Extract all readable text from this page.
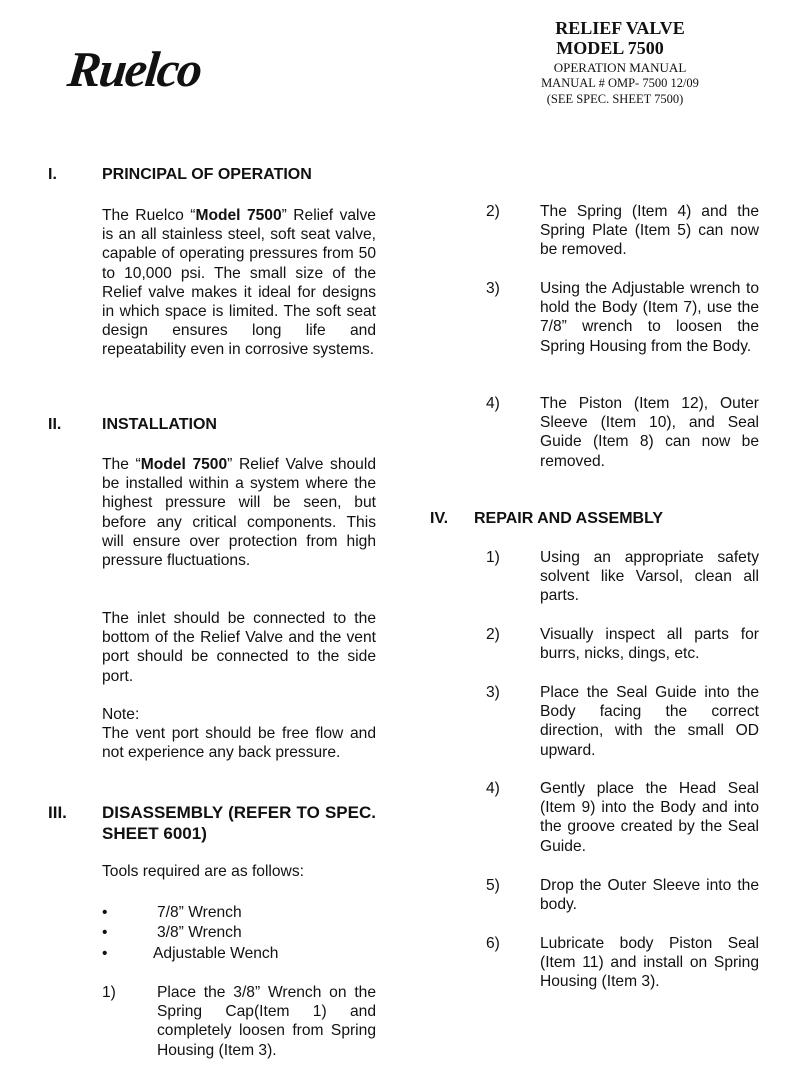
Ruelco
RELIEF VALVE
MODEL 7500
OPERATION MANUAL
MANUAL # OMP- 7500 12/09
(SEE SPEC. SHEET 7500)
I.	PRINCIPAL OF OPERATION
The Ruelco “Model 7500” Relief valve is an all stainless steel, soft seat valve, capable of operating pressures from 50 to 10,000 psi. The small size of the Relief valve makes it ideal for designs in which space is limited. The soft seat design ensures long life and repeatability even in corrosive systems.
II.	INSTALLATION
The “Model 7500” Relief Valve should be installed within a system where the highest pressure will be seen, but before any critical components. This will ensure over protection from high pressure fluctuations.
The inlet should be connected to the bottom of the Relief Valve and the vent port should be connected to the side port.
Note:
The vent port should be free flow and not experience any back pressure.
III. DISASSEMBLY (REFER TO SPEC. SHEET 6001)
Tools required are as follows:
•	7/8” Wrench
•	3/8” Wrench
•	Adjustable Wench
1)	Place the 3/8” Wrench on the Spring Cap(Item 1) and completely loosen from Spring Housing (Item 3).
2)	The Spring (Item 4) and the Spring Plate (Item 5) can now be removed.
3)	Using the Adjustable wrench to hold the Body (Item 7), use the 7/8” wrench to loosen the Spring Housing from the Body.
4)	The Piston (Item 12), Outer Sleeve (Item 10), and Seal Guide (Item 8) can now be removed.
IV. REPAIR AND ASSEMBLY
1)	Using an appropriate safety solvent like Varsol, clean all parts.
2)	Visually inspect all parts for burrs, nicks, dings, etc.
3)	Place the Seal Guide into the Body facing the correct direction, with the small OD upward.
4)	Gently place the Head Seal (Item 9) into the Body and into the groove created by the Seal Guide.
5)	Drop the Outer Sleeve into the body.
6)	Lubricate body Piston Seal (Item 11) and install on Spring Housing (Item 3).
